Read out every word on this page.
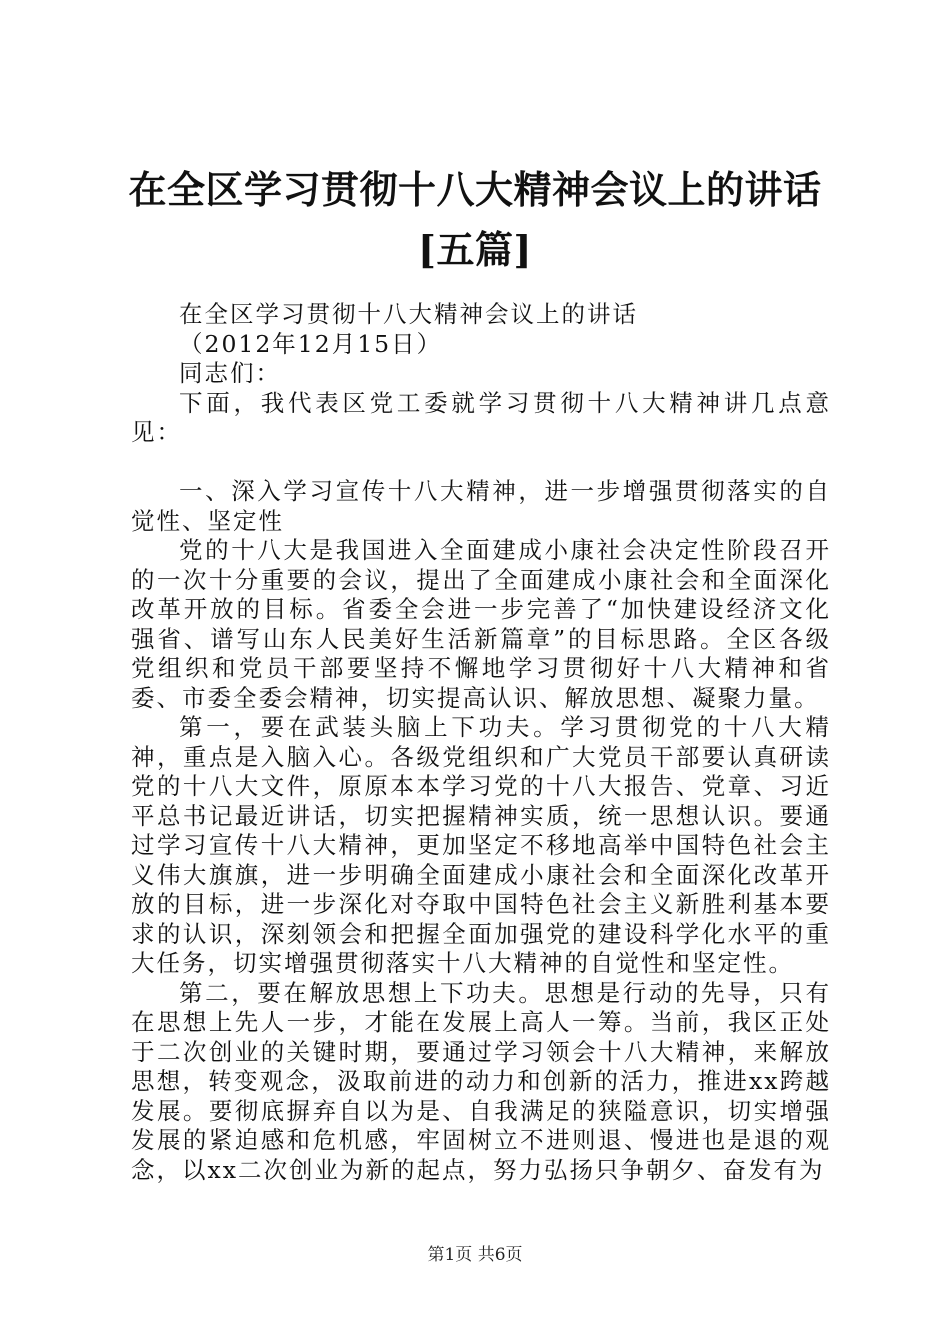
在全区学习贯彻十八大精神会议上的讲话[五篇]

在全区学习贯彻十八大精神会议上的讲话

（2012年12月15日）

同志们：

下面，我代表区党工委就学习贯彻十八大精神讲几点意见：

一、深入学习宣传十八大精神，进一步增强贯彻落实的自觉性、坚定性

党的十八大是我国进入全面建成小康社会决定性阶段召开的一次十分重要的会议，提出了全面建成小康社会和全面深化改革开放的目标。省委全会进一步完善了“加快建设经济文化强省、谱写山东人民美好生活新篇章”的目标思路。全区各级党组织和党员干部要坚持不懈地学习贯彻好十八大精神和省委、市委全委会精神，切实提高认识、解放思想、凝聚力量。

第一，要在武装头脑上下功夫。学习贯彻党的十八大精神，重点是入脑入心。各级党组织和广大党员干部要认真研读党的十八大文件，原原本本学习党的十八大报告、党章、习近平总书记最近讲话，切实把握精神实质，统一思想认识。要通过学习宣传十八大精神，更加坚定不移地高举中国特色社会主义伟大旗旗，进一步明确全面建成小康社会和全面深化改革开放的目标，进一步深化对夺取中国特色社会主义新胜利基本要求的认识，深刻领会和把握全面加强党的建设科学化水平的重大任务，切实增强贯彻落实十八大精神的自觉性和坚定性。

第二，要在解放思想上下功夫。思想是行动的先导，只有在思想上先人一步，才能在发展上高人一筹。当前，我区正处于二次创业的关键时期，要通过学习领会十八大精神，来解放思想，转变观念，汲取前进的动力和创新的活力，推进xx跨越发展。要彻底摒弃自以为是、自我满足的狭隘意识，切实增强发展的紧迫感和危机感，牢固树立不进则退、慢进也是退的观念，以xx二次创业为新的起点，努力弘扬只争朝夕、奋发有为

第1页 共6页
